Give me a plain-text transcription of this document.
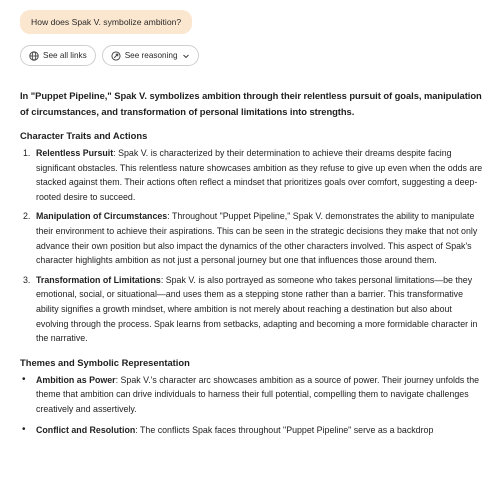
How does Spak V. symbolize ambition?
See all links	See reasoning

In "Puppet Pipeline," Spak V. symbolizes ambition through their relentless pursuit of goals, manipulation of circumstances, and transformation of personal limitations into strengths.

Character Traits and Actions
1. Relentless Pursuit: Spak V. is characterized by their determination to achieve their dreams despite facing significant obstacles. This relentless nature showcases ambition as they refuse to give up even when the odds are stacked against them. Their actions often reflect a mindset that prioritizes goals over comfort, suggesting a deep-rooted desire to succeed.
2. Manipulation of Circumstances: Throughout "Puppet Pipeline," Spak V. demonstrates the ability to manipulate their environment to achieve their aspirations. This can be seen in the strategic decisions they make that not only advance their own position but also impact the dynamics of the other characters involved. This aspect of Spak's character highlights ambition as not just a personal journey but one that influences those around them.
3. Transformation of Limitations: Spak V. is also portrayed as someone who takes personal limitations—be they emotional, social, or situational—and uses them as a stepping stone rather than a barrier. This transformative ability signifies a growth mindset, where ambition is not merely about reaching a destination but also about evolving through the process. Spak learns from setbacks, adapting and becoming a more formidable character in the narrative.
Themes and Symbolic Representation
• Ambition as Power: Spak V.'s character arc showcases ambition as a source of power. Their journey unfolds the theme that ambition can drive individuals to harness their full potential, compelling them to navigate challenges creatively and assertively.
• Conflict and Resolution: The conflicts Spak faces throughout "Puppet Pipeline" serve as a backdrop
